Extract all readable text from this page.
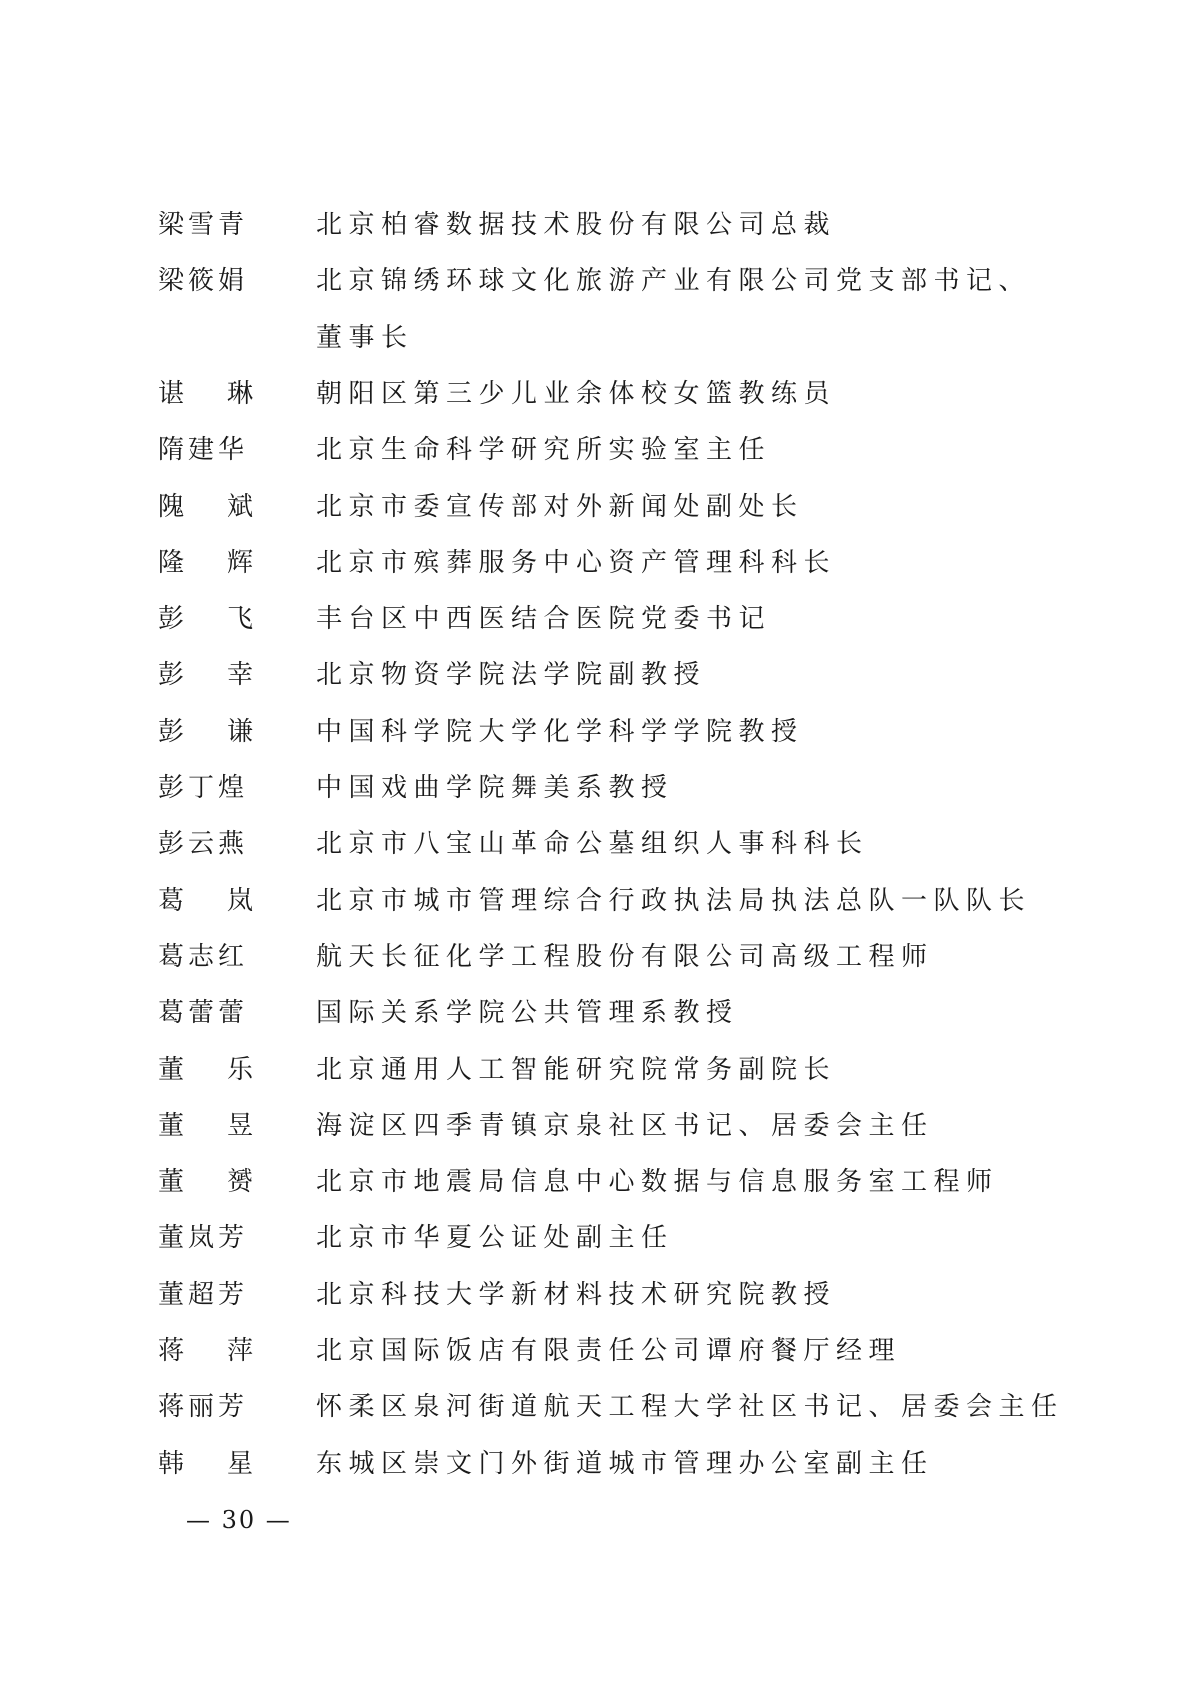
梁雪青	北京柏睿数据技术股份有限公司总裁
梁筱娟	北京锦绣环球文化旅游产业有限公司党支部书记、
董事长
谌 琳 朝阳区第三少儿业余体校女篮教练员
隋建华	北京生命科学研究所实验室主任
隗 斌 北京市委宣传部对外新闻处副处长
隆 辉 北京市殡葬服务中心资产管理科科长
彭 飞 丰台区中西医结合医院党委书记
彭 幸 北京物资学院法学院副教授
彭 谦 中国科学院大学化学科学学院教授
彭丁煌	中国戏曲学院舞美系教授
彭云燕	北京市八宝山革命公墓组织人事科科长
葛 岚 北京市城市管理综合行政执法局执法总队一队队长
葛志红	航天长征化学工程股份有限公司高级工程师
葛蕾蕾	国际关系学院公共管理系教授
董 乐 北京通用人工智能研究院常务副院长
董 昱 海淀区四季青镇京泉社区书记、居委会主任
董 赟 北京市地震局信息中心数据与信息服务室工程师
董岚芳	北京市华夏公证处副主任
董超芳	北京科技大学新材料技术研究院教授
蒋 萍 北京国际饭店有限责任公司谭府餐厅经理
蒋丽芳	怀柔区泉河街道航天工程大学社区书记、居委会主任
韩 星 东城区崇文门外街道城市管理办公室副主任
— 30 —
